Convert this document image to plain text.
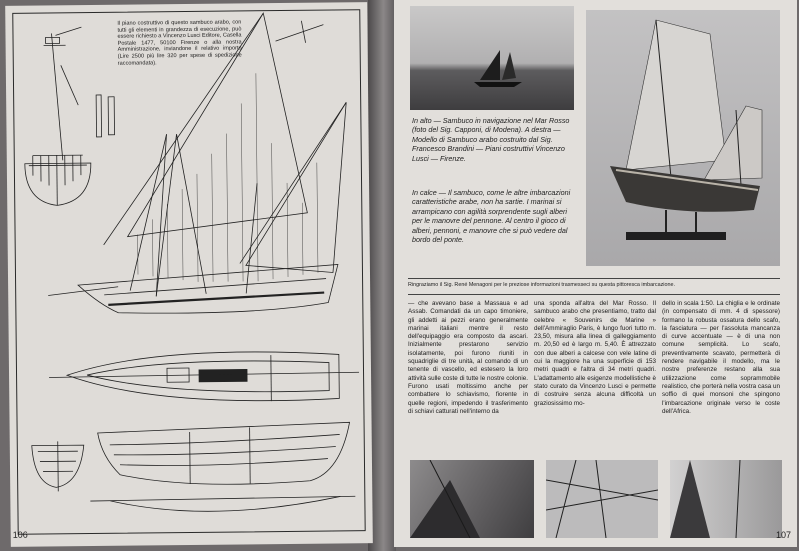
Il piano costruttivo di questo sambuco arabo, con tutti gli elementi in grandezza di esecuzione, può essere richiesto a Vincenzo Lusci Editore, Casella Postale 1477, 50100 Firenze o alla nostra Amministrazione, inviandone il relativo importo (Lire 2500 più lire 320 per spese di spedizione raccomandata).
106
In alto — Sambuco in navigazione nel Mar Rosso (foto del Sig. Capponi, di Modena). A destra — Modello di Sambuco arabo costruito dal Sig. Francesco Brandini — Piani costruttivi Vincenzo Lusci — Firenze.
In calce — Il sambuco, come le altre imbarcazioni caratteristiche arabe, non ha sartie. I marinai si arrampicano con agilità sorprendente sugli alberi per le manovre del pennone. Al centro il gioco di alberi, pennoni, e manovre che si può vedere dal bordo del ponte.
Ringraziamo il Sig. René Menagoni per le preziose informazioni trasmesseci su questa pittoresca imbarcazione.
— che avevano base a Massaua e ad Assab. Comandati da un capo timoniere, gli addetti ai pezzi erano generalmente marinai italiani mentre il resto dell'equipaggio era composto da ascari. Inizialmente prestarono servizio isolatamente, poi furono riuniti in squadriglie di tre unità, al comando di un tenente di vascello, ed estesero la loro attività sulle coste di tutte le nostre colonie. Furono usati moltissimo anche per combattere lo schiavismo, fiorente in quelle regioni, impedendo il trasferimento di schiavi catturati nell'interno da
una sponda all'altra del Mar Rosso. Il sambuco arabo che presentiamo, tratto dal celebre « Souvenirs de Marine » dell'Ammiraglio Paris, è lungo fuori tutto m. 23,50, misura alla linea di galleggiamento m. 20,50 ed è largo m. 5,40. È attrezzato con due alberi a calcese con vele latine di cui la maggiore ha una superficie di 153 metri quadri e l'altra di 34 metri quadri. L'adattamento alle esigenze modellistiche è stato curato da Vincenzo Lusci e permette di costruire senza alcuna difficoltà un graziosissimo mo-
dello in scala 1:50. La chiglia e le ordinate (in compensato di mm. 4 di spessore) formano la robusta ossatura dello scafo, la fasciatura — per l'assoluta mancanza di curve accentuate — è di una non comune semplicità. Lo scafo, preventivamente scavato, permetterà di rendere navigabile il modello, ma le nostre preferenze restano alla sua utilizzazione come soprammobile realistico, che porterà nella vostra casa un soffio di quei monsoni che spingono l'imbarcazione originale verso le coste dell'Africa.
107
